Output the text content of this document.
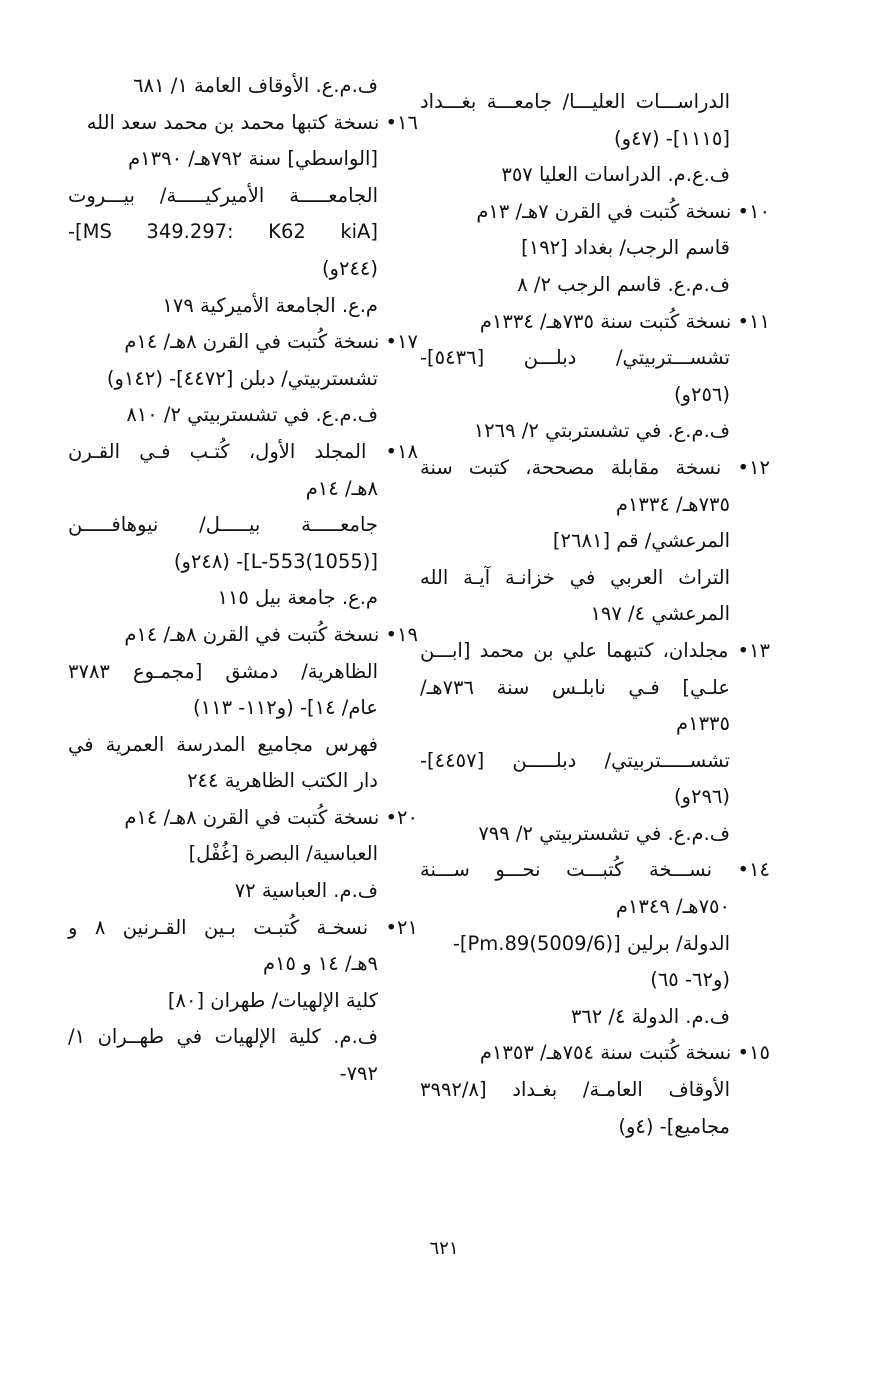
الدراســـات العليـــا/ جامعـــة بغـــداد
[١١١٥]- (٤٧و)
ف.ع.م. الدراسات العليا ٣٥٧
١٠• نسخة كُتبت في القرن ٧هـ/ ١٣م
قاسم الرجب/ بغداد [١٩٢]
ف.م.ع. قاسم الرجب ٢/ ٨
١١• نسخة كُتبت سنة ٧٣٥هـ/ ١٣٣٤م
تشســـتربيتي/ دبلـــن [٥٤٣٦]-
(٢٥٦و)
ف.م.ع. في تشستربتي ٢/ ١٢٦٩
١٢• نسخة مقابلة مصححة، كتبت سنة
٧٣٥هـ/ ١٣٣٤م
المرعشي/ قم [٢٦٨١]
التراث العربي في خزانـة آيـة الله
المرعشي ٤/ ١٩٧
١٣• مجلدان، كتبهما علي بن محمد [ابـــن
علـي] فـي نابلـس سنة ٧٣٦هـ/
١٣٣٥م
تشســـــتربيتي/ دبلـــــن [٤٤٥٧]-
(٢٩٦و)
ف.م.ع. في تشستربيتي ٢/ ٧٩٩
١٤• نســـخة كُتبـــت نحـــو ســـنة
٧٥٠هـ/ ١٣٤٩م
الدولة/ برلين [(5009/6)Pm.89]-
(و٦٢- ٦٥)
ف.م. الدولة ٤/ ٣٦٢
١٥• نسخة كُتبت سنة ٧٥٤هـ/ ١٣٥٣م
الأوقاف العامـة/ بغـداد [٣٩٩٢/٨
مجاميع]- (٤و)
ف.م.ع. الأوقاف العامة ١/ ٦٨١
١٦• نسخة كتبها محمد بن محمد سعد الله
[الواسطي] سنة ٧٩٢هـ/ ١٣٩٠م
الجامعـــــة الأميركيـــــة/ بيـــروت
[MS 349.297: K62 kiA]-
(٢٤٤و)
م.ع. الجامعة الأميركية ١٧٩
١٧• نسخة كُتبت في القرن ٨هـ/ ١٤م
تشستربيتي/ دبلن [٤٤٧٢]- (١٤٢و)
ف.م.ع. في تشستربيتي ٢/ ٨١٠
١٨• المجلد الأول، كُتـب فـي القـرن
٨هـ/ ١٤م
جامعـــــة بيـــــل/ نيوهافـــــن
[(1055)L-553]- (٢٤٨و)
م.ع. جامعة بيل ١١٥
١٩• نسخة كُتبت في القرن ٨هـ/ ١٤م
الظاهرية/ دمشق [مجمـوع ٣٧٨٣
عام/ ١٤]- (و١١٢- ١١٣)
فهرس مجاميع المدرسة العمرية في
دار الكتب الظاهرية ٢٤٤
٢٠• نسخة كُتبت في القرن ٨هـ/ ١٤م
العباسية/ البصرة [غُفْل]
ف.م. العباسية ٧٢
٢١• نسخـة كُتبـت بـين القـرنين ٨ و
٩هـ/ ١٤ و ١٥م
كلية الإلهيات/ طهران [٨٠]
ف.م. كلية الإلهيات في طهــران ١/
٧٩٢-
٦٢١
